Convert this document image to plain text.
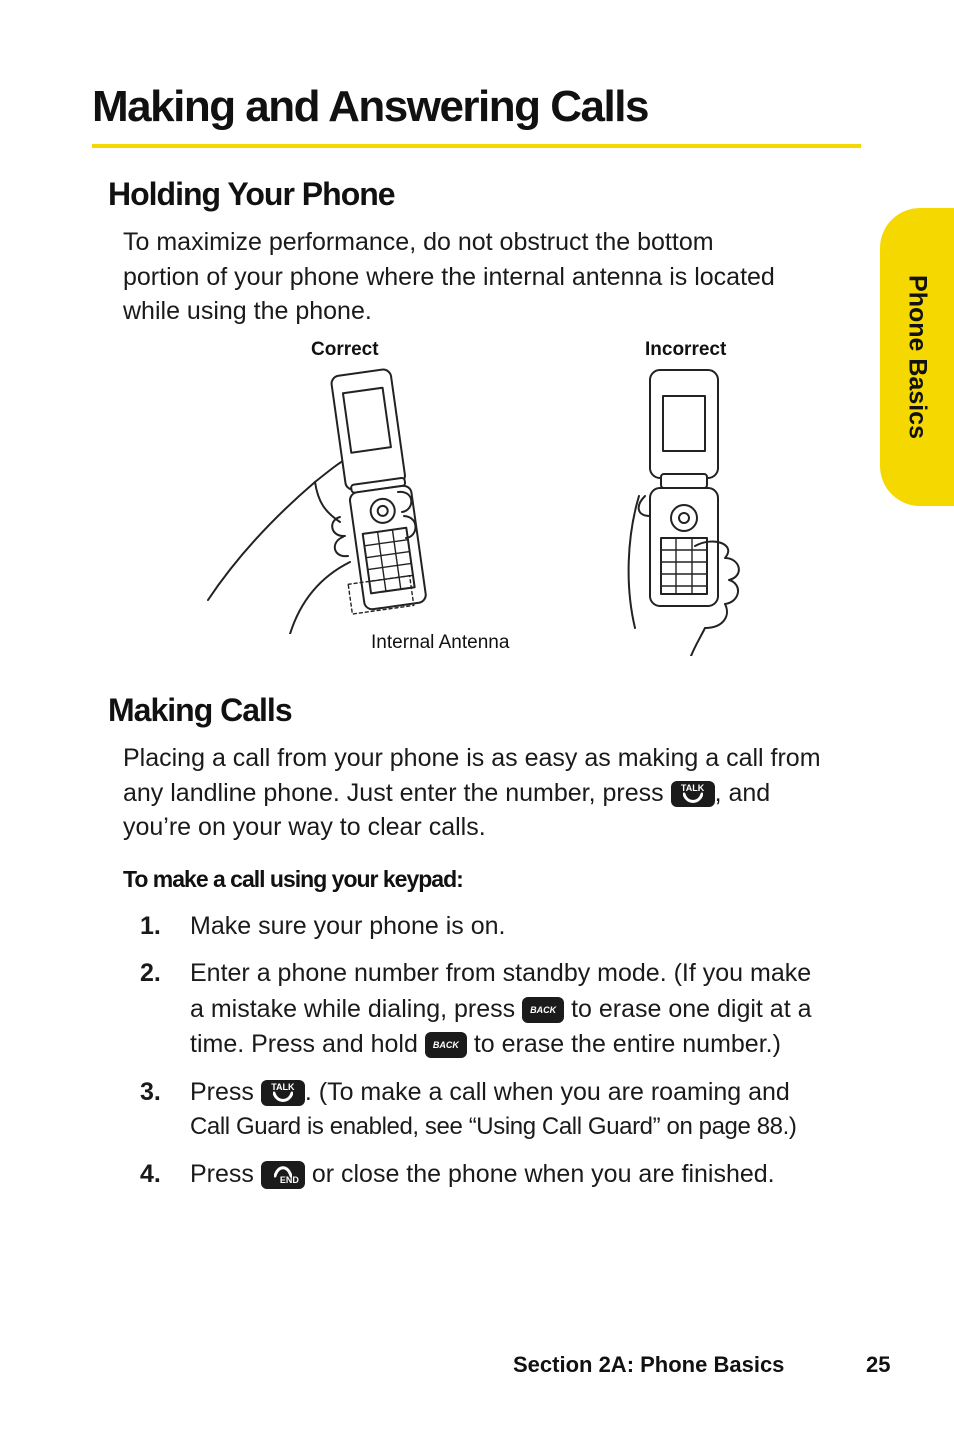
Making and Answering Calls
Phone Basics
Holding Your Phone
To maximize performance, do not obstruct the bottom
portion of your phone where the internal antenna is located
while using the phone.
Correct	Incorrect
Internal Antenna
Making Calls
Placing a call from your phone is as easy as making a call from
any landline phone. Just enter the number, press	TALK , and
you’re on your way to clear calls.
To make a call using your keypad:
1. Make sure your phone is on.
2. Enter a phone number from standby mode. (If you make
a mistake while dialing, press	BACK to erase one digit at a
time. Press and hold	BACK to erase the entire number.)
3. Press	TALK . (To make a call when you are roaming and
Call Guard is enabled, see “Using Call Guard” on page 88.)
4. Press	END or close the phone when you are finished.
Section 2A: Phone Basics	25
